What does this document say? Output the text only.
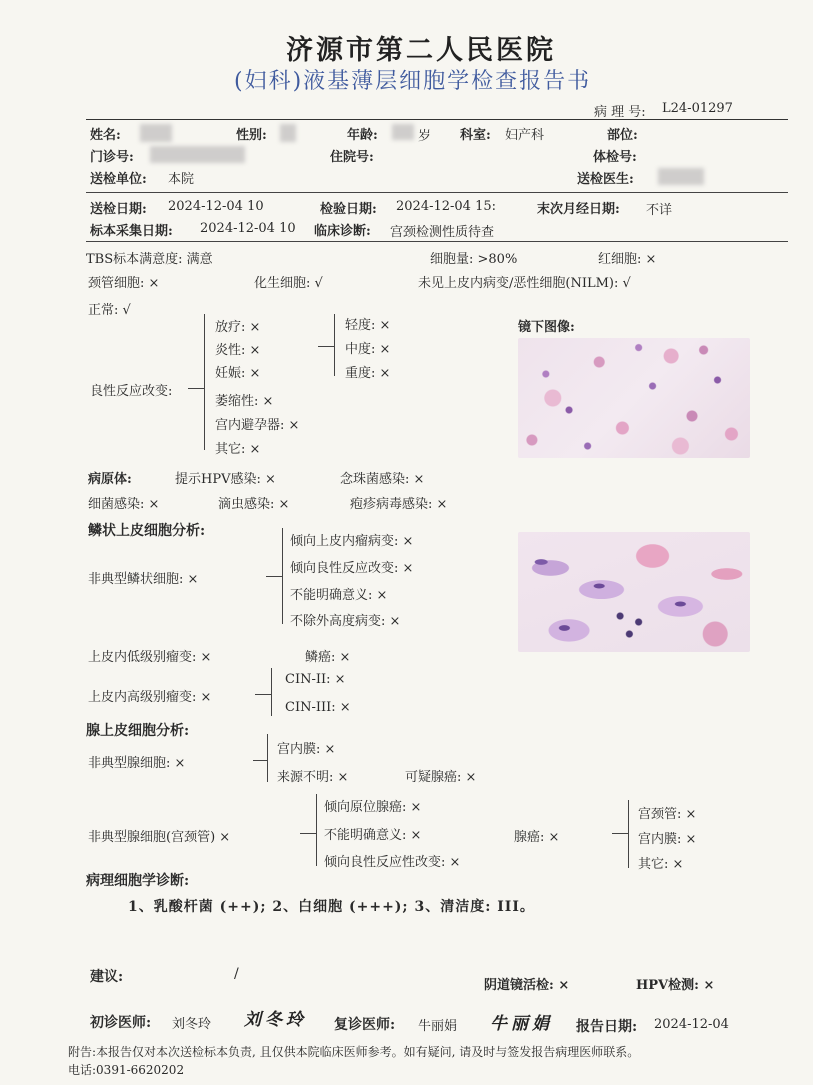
济源市第二人民医院
(妇科)液基薄层细胞学检查报告书
病 理 号: L24-01297
姓名:	性别:	年龄:	岁 科室: 妇产科	部位:
门诊号:	住院号:	体检号:
送检单位: 本院	送检医生:
送检日期: 2024-12-04 10	检验日期: 2024-12-04 15:	末次月经日期: 不详
标本采集日期: 2024-12-04 10 临床诊断: 宫颈检测性质待查
TBS标本满意度: 满意	细胞量: >80%	红细胞: ×
颈管细胞: ×	化生细胞: √	未见上皮内病变/恶性细胞(NILM): √
正常: √
良性反应改变:
放疗: ×
炎性: ×
妊娠: ×
轻度: ×
中度: ×
重度: ×
萎缩性: ×
宫内避孕器: ×
其它: ×
镜下图像:
病原体:	提示HPV感染: ×	念珠菌感染: ×
细菌感染: ×	滴虫感染: ×	疱疹病毒感染: ×
鳞状上皮细胞分析:
非典型鳞状细胞: ×
倾向上皮内瘤病变: ×
倾向良性反应改变: ×
不能明确意义: ×
不除外高度病变: ×
上皮内低级别瘤变: ×	鳞癌: ×
上皮内高级别瘤变: ×
CIN-II: ×
CIN-III: ×
腺上皮细胞分析:
非典型腺细胞: ×
宫内膜: ×
来源不明: ×	可疑腺癌: ×
非典型腺细胞(宫颈管) ×
倾向原位腺癌: ×
不能明确意义: ×
倾向良性反应性改变: ×
腺癌: ×
宫颈管: ×
宫内膜: ×
其它: ×
病理细胞学诊断:
1、乳酸杆菌 (++); 2、白细胞 (+++); 3、清洁度: III。
建议:	/
阴道镜活检: ×	HPV检测: ×
初诊医师: 刘冬玲 刘冬玲 复诊医师: 牛丽娟 牛丽娟 报告日期: 2024-12-04
附告:本报告仅对本次送检标本负责, 且仅供本院临床医师参考。如有疑问, 请及时与签发报告病理医师联系。
电话:0391-6620202
